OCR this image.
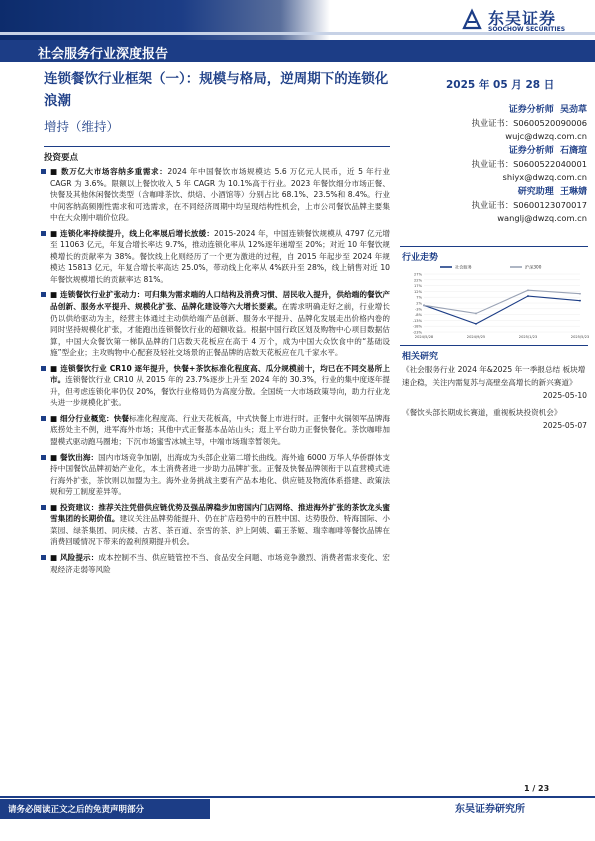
东吴证券
SOOCHOW SECURITIES
社会服务行业深度报告
连锁餐饮行业框架（一）：规模与格局，逆周期下的连锁化浪潮
增持（维持）
2025 年 05 月 28 日
证券分析师 吴劲草
执业证书：S0600520090006
wujc@dwzq.com.cn
证券分析师 石旖瑄
执业证书：S0600522040001
shiyx@dwzq.com.cn
研究助理 王琳婧
执业证书：S0600123070017
wanglj@dwzq.com.cn
投资要点
■ 数万亿大市场容纳多重需求：2024 年中国餐饮市场规模达 5.6 万亿元人民币，近 5 年行业 CAGR 为 3.6%。限额以上餐饮收入 5 年 CAGR 为 10.1%高于行业。2023 年餐饮细分市场正餐、快餐及其他休闲餐饮类型（含咖啡茶饮、烘焙、小酒馆等）分别占比 68.1%、23.5%和 8.4%。行业中间客纳高频刚性需求和可选需求，在不同经济周期中均呈现结构性机会，上市公司餐饮品牌主要集中在大众刚中端价位段。
■ 连锁化率持续提升，线上化率展后增长放缓：2015-2024 年，中国连锁餐饮规模从 4797 亿元增至 11063 亿元，年复合增长率达 9.7%，推动连锁化率从 12%逐年递增至 20%；对近 10 年餐饮规模增长的贡献率为 38%。餐饮线上化则经历了一个更为激进的过程，自 2015 年起步至 2024 年规模达 15813 亿元，年复合增长率高达 25.0%，带动线上化率从 4%跃升至 28%，线上销售对近 10 年餐饮规模增长的贡献率达 81%。
■ 连锁餐饮行业扩张动力：可归集为需求端的人口结构及消费习惯、居民收入提升，供给端的餐饮产品创新、服务水平提升、规模化扩张、品牌化建设等六大增长要素。在需求明确走好之前，行业增长仍以供给驱动为主，经营主体通过主动供给端产品创新、服务水平提升、品牌化发展走出价格内卷的同时坚持规模化扩张，才能跑出连锁餐饮行业的超额收益。根据中国行政区划及购物中心项目数据估算，中国大众餐饮第一梯队品牌的门店数天花板应在高于 4 万个，成为中国大众饮食中的“基础设施”型企业；主攻购物中心配套及轻社交场景的正餐品牌的店数天花板应在几千家水平。
■ 连锁餐饮行业 CR10 逐年提升，快餐+茶饮标准化程度高、瓜分规模前十，均已在不同交易所上市。连锁餐饮行业 CR10 从 2015 年的 23.7%逐步上升至 2024 年的 30.3%，行业的集中度逐年提升，但考虑连锁化率仍仅 20%，餐饮行业格局仍为高度分散。全国统一大市场政策导向，助力行业龙头进一步规模化扩张。
■ 细分行业概览：快餐标准化程度高、行业天花板高，中式快餐上市进行时。正餐中火锅领军品牌海底捞处主不例，进军海外市场；其他中式正餐基本品站山头；逛上平台助力正餐快餐化。茶饮咖啡加盟模式驱动跑马圈地；下沉市场蜜雪冰城主导，中端市场瑞幸暂领先。
■ 餐饮出海：国内市场竞争加剧，出海成为头部企业第二增长曲线。海外逾 6000 万华人华侨群体支持中国餐饮品牌初始产业化，本土消费者进一步助力品牌扩张。正餐及快餐品牌领衔于以直营模式进行海外扩张，茶饮则以加盟为主。海外业务挑战主要有产品本地化、供应链及物流体系搭建、政策法规和劳工制度差异等。
■ 投资建议：推荐关注凭借供应链优势及强品牌稳步加密国内门店网络、推进海外扩张的茶饮龙头蜜雪集团的长期价值。建议关注品牌势能提升、仍在扩店趋势中的百胜中国、达势股份、特海国际、小菜园、绿茶集团、同庆楼、古茗、茶百道、奈雪的茶、沪上阿姨、霸王茶姬、瑞幸咖啡等餐饮品牌在消费回暖情况下带来的盈利预期提升机会。
■ 风险提示：成本控制不当、供应链管控不当、食品安全问题、市场竞争激烈、消费者需求变化、宏观经济走弱等风险
行业走势
27%
22%
17%
12%
7%
2%
-3%
-8%
-13%
-18%
-23%
2024/5/28	2024/9/25	2025/1/23	2025/5/23
社会服务	沪深300
相关研究
《社会服务行业 2024 年&2025 年一季报总结 板块增速企稳，关注内需复苏与高壁垒高增长的新兴赛道》
2025-05-10
《餐饮头部长期成长赛道，重视板块投资机会》
2025-05-07
1 / 23
请务必阅读正文之后的免责声明部分	东吴证券研究所
